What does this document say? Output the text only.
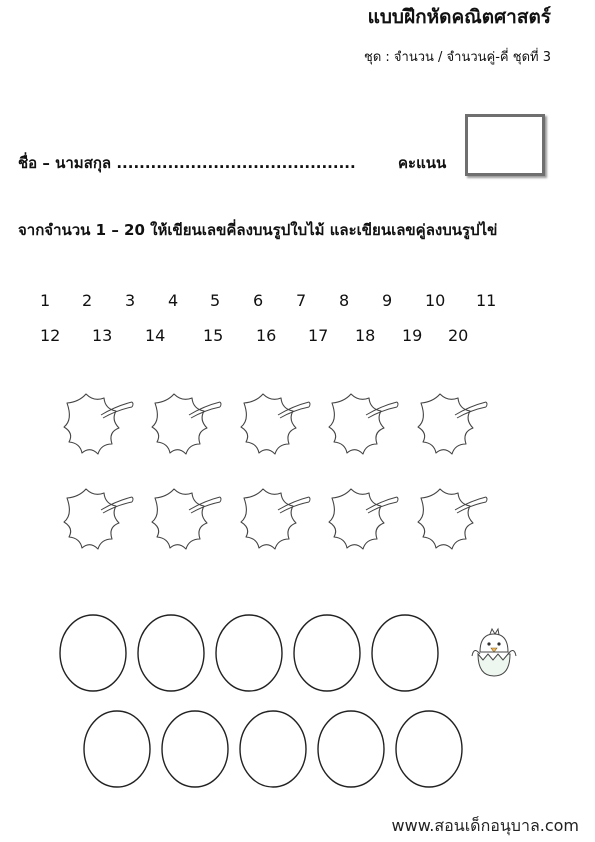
แบบฝึกหัดคณิตศาสตร์
ชุด : จำนวน / จำนวนคู่-คี่ ชุดที่ 3
ชื่อ – นามสกุล ..........................................	คะแนน
จากจำนวน 1 – 20 ให้เขียนเลขคี่ลงบนรูปใบไม้ และเขียนเลขคู่ลงบนรูปไข่
1 2 3 4 5 6 7 8 9 10 11
12 13 14 15 16 17 18 19 20
www.สอนเด็กอนุบาล.com
